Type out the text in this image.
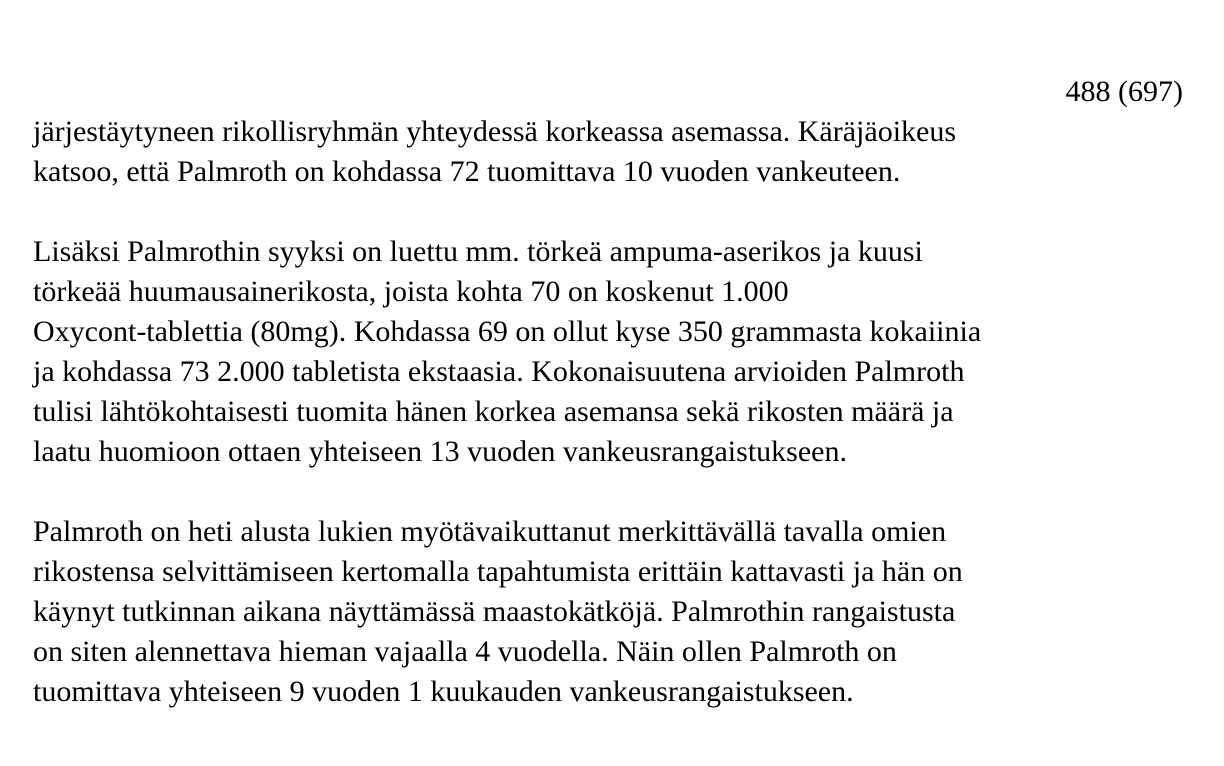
488 (697)

järjestäytyneen rikollisryhmän yhteydessä korkeassa asemassa. Käräjäoikeus
katsoo, että Palmroth on kohdassa 72 tuomittava 10 vuoden vankeuteen.

Lisäksi Palmrothin syyksi on luettu mm. törkeä ampuma-aserikos ja kuusi
törkeää huumausainerikosta, joista kohta 70 on koskenut 1.000
Oxycont-tablettia (80mg). Kohdassa 69 on ollut kyse 350 grammasta kokaiinia
ja kohdassa 73 2.000 tabletista ekstaasia. Kokonaisuutena arvioiden Palmroth
tulisi lähtökohtaisesti tuomita hänen korkea asemansa sekä rikosten määrä ja
laatu huomioon ottaen yhteiseen 13 vuoden vankeusrangaistukseen.

Palmroth on heti alusta lukien myötävaikuttanut merkittävällä tavalla omien
rikostensa selvittämiseen kertomalla tapahtumista erittäin kattavasti ja hän on
käynyt tutkinnan aikana näyttämässä maastokätköjä. Palmrothin rangaistusta
on siten alennettava hieman vajaalla 4 vuodella. Näin ollen Palmroth on
tuomittava yhteiseen 9 vuoden 1 kuukauden vankeusrangaistukseen.
